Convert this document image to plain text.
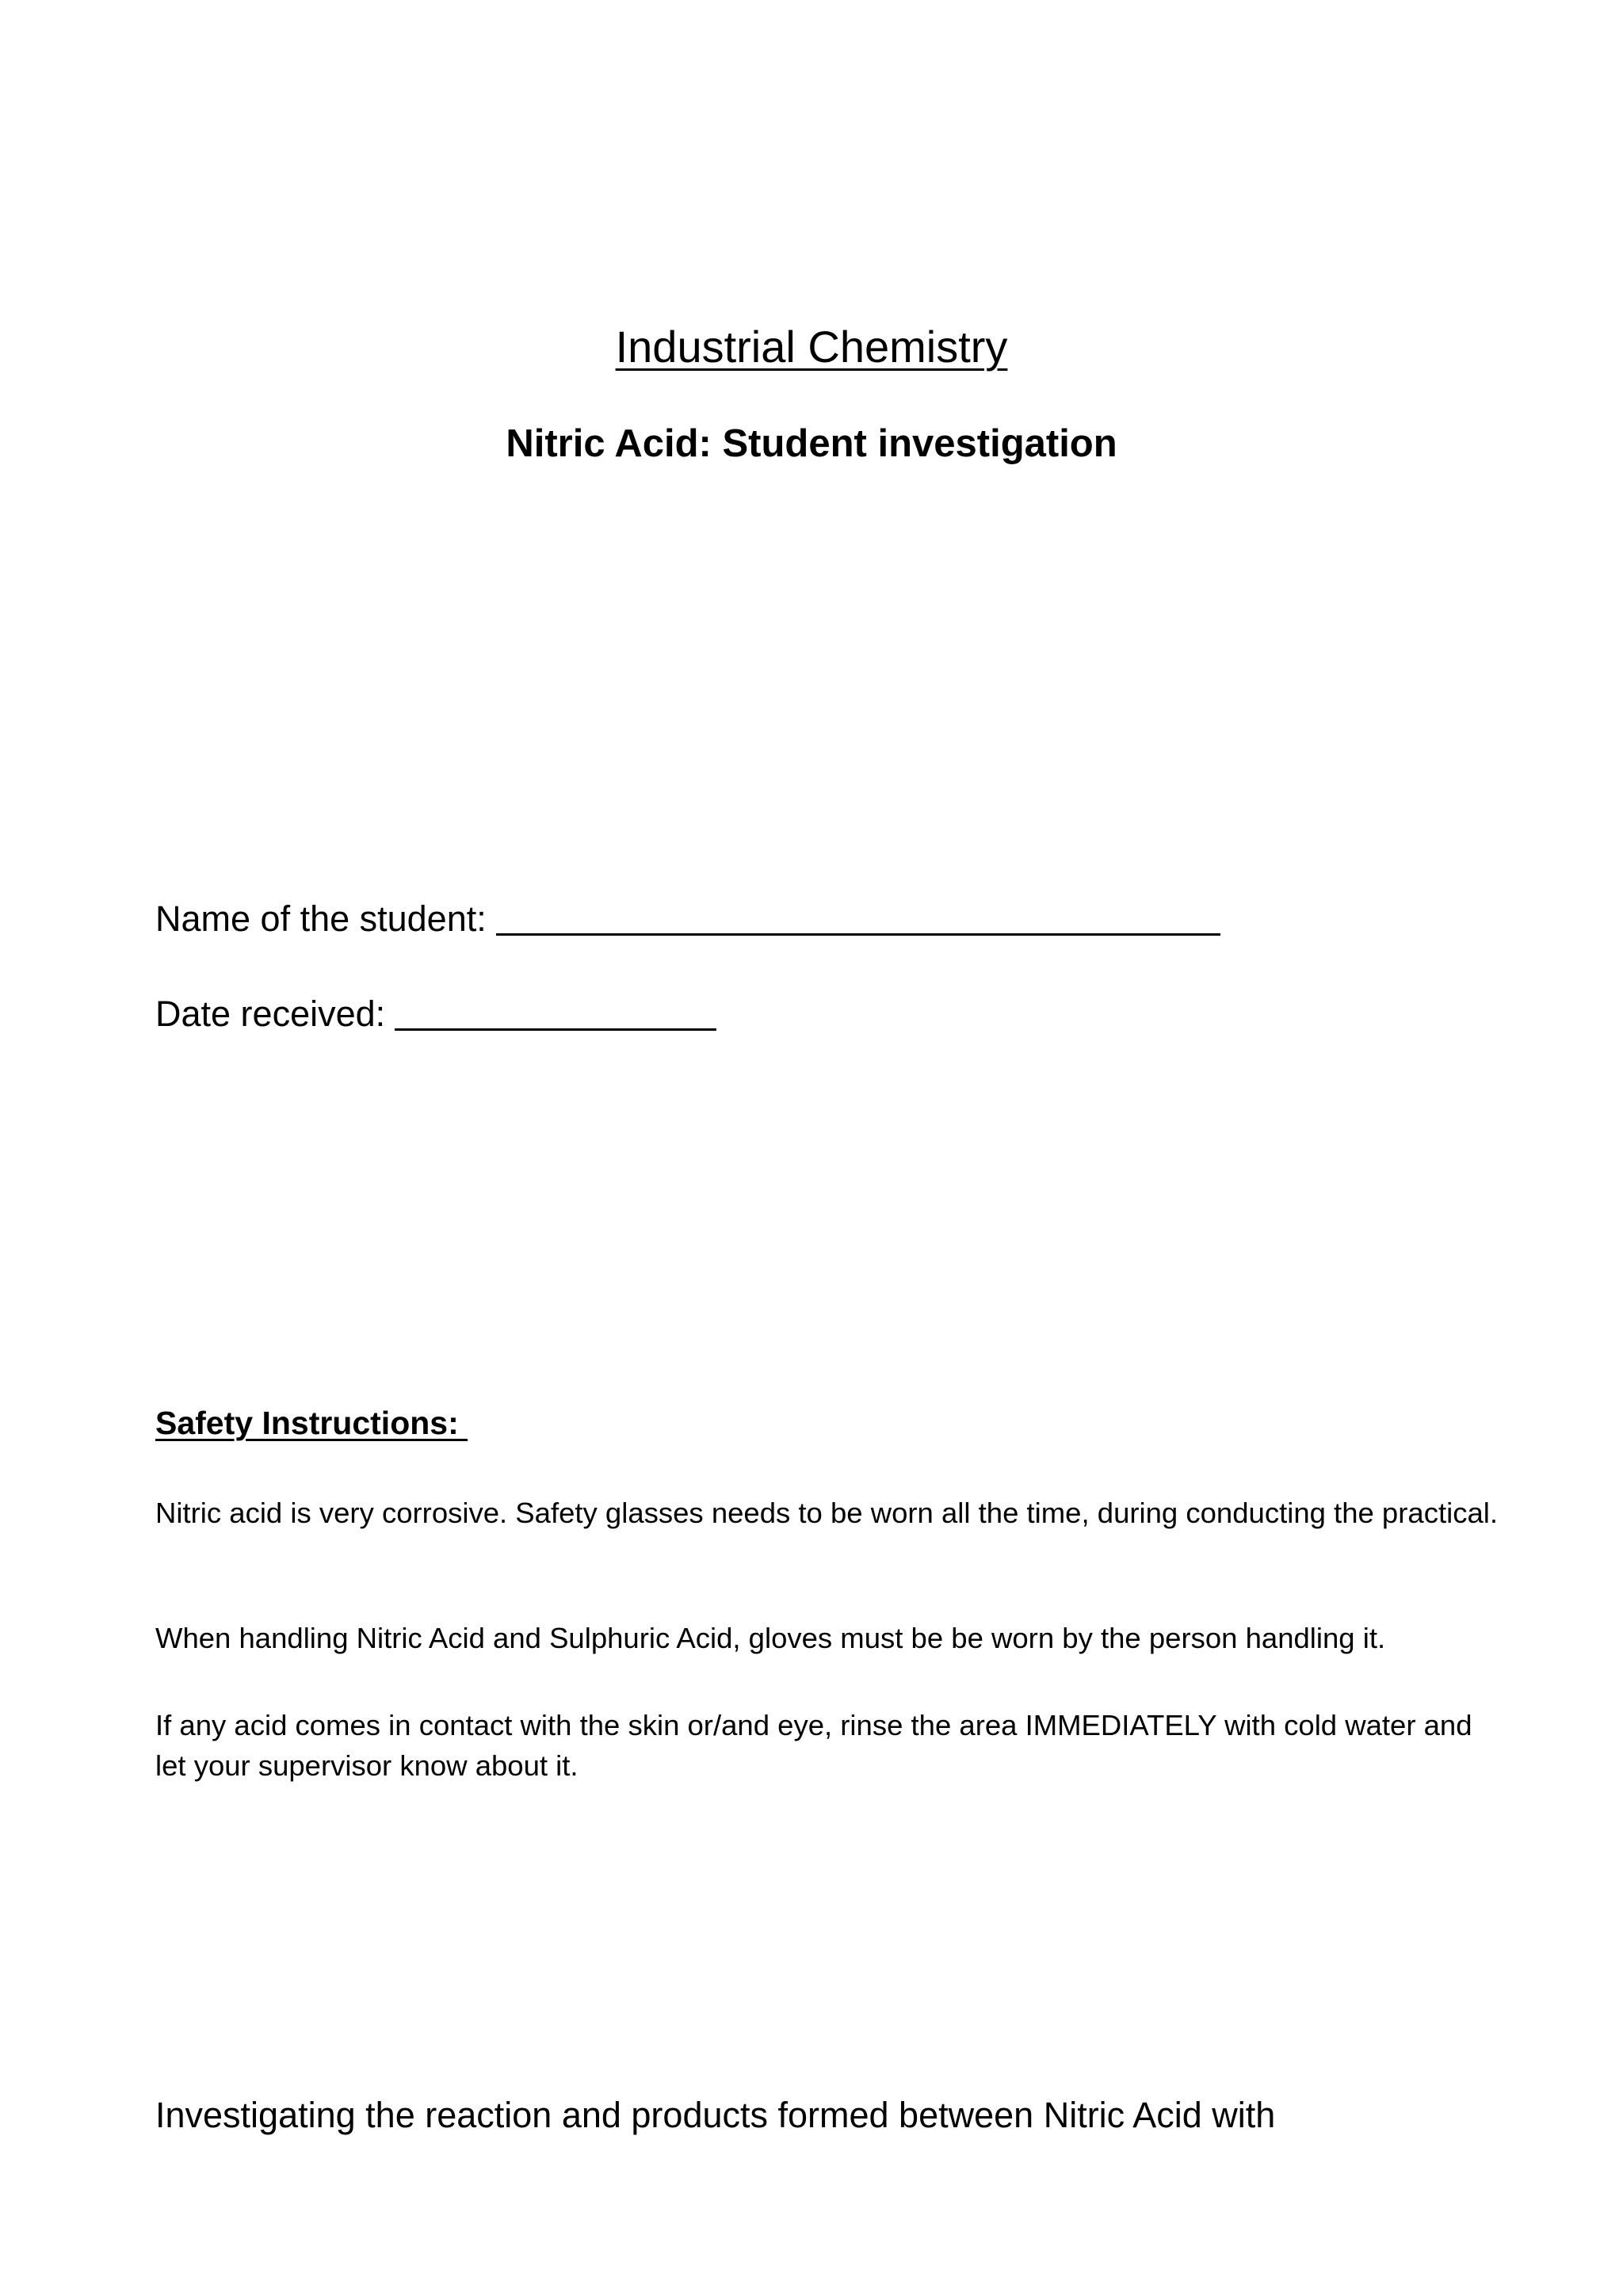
Industrial Chemistry
Nitric Acid: Student investigation
Name of the student:
Date received:
Safety Instructions:
Nitric acid is very corrosive. Safety glasses needs to be worn all the time, during conducting the practical.
When handling Nitric Acid and Sulphuric Acid, gloves must be be worn by the person handling it.
If any acid comes in contact with the skin or/and eye, rinse the area IMMEDIATELY with cold water and let your supervisor know about it.
Investigating the reaction and products formed between Nitric Acid with
